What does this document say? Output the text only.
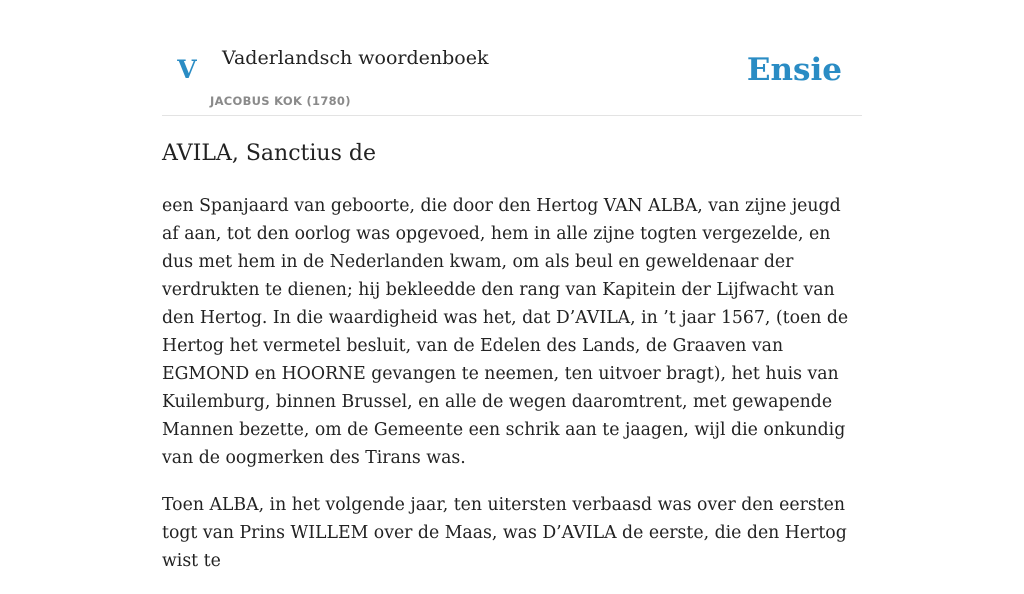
V Vaderlandsch woordenboek
JACOBUS KOK (1780)
Ensie
AVILA, Sanctius de

een Spanjaard van geboorte, die door den Hertog VAN ALBA, van zijne jeugd af aan, tot den oorlog was opgevoed, hem in alle zijne togten vergezelde, en dus met hem in de Nederlanden kwam, om als beul en geweldenaar der verdrukten te dienen; hij bekleedde den rang van Kapitein der Lijfwacht van den Hertog. In die waardigheid was het, dat D’AVILA, in ’t jaar 1567, (toen de Hertog het vermetel besluit, van de Edelen des Lands, de Graaven van EGMOND en HOORNE gevangen te neemen, ten uitvoer bragt), het huis van Kuilemburg, binnen Brussel, en alle de wegen daaromtrent, met gewapende Mannen bezette, om de Gemeente een schrik aan te jaagen, wijl die onkundig van de oogmerken des Tirans was.

Toen ALBA, in het volgende jaar, ten uitersten verbaasd was over den eersten togt van Prins WILLEM over de Maas, was D’AVILA de eerste, die den Hertog wist te
